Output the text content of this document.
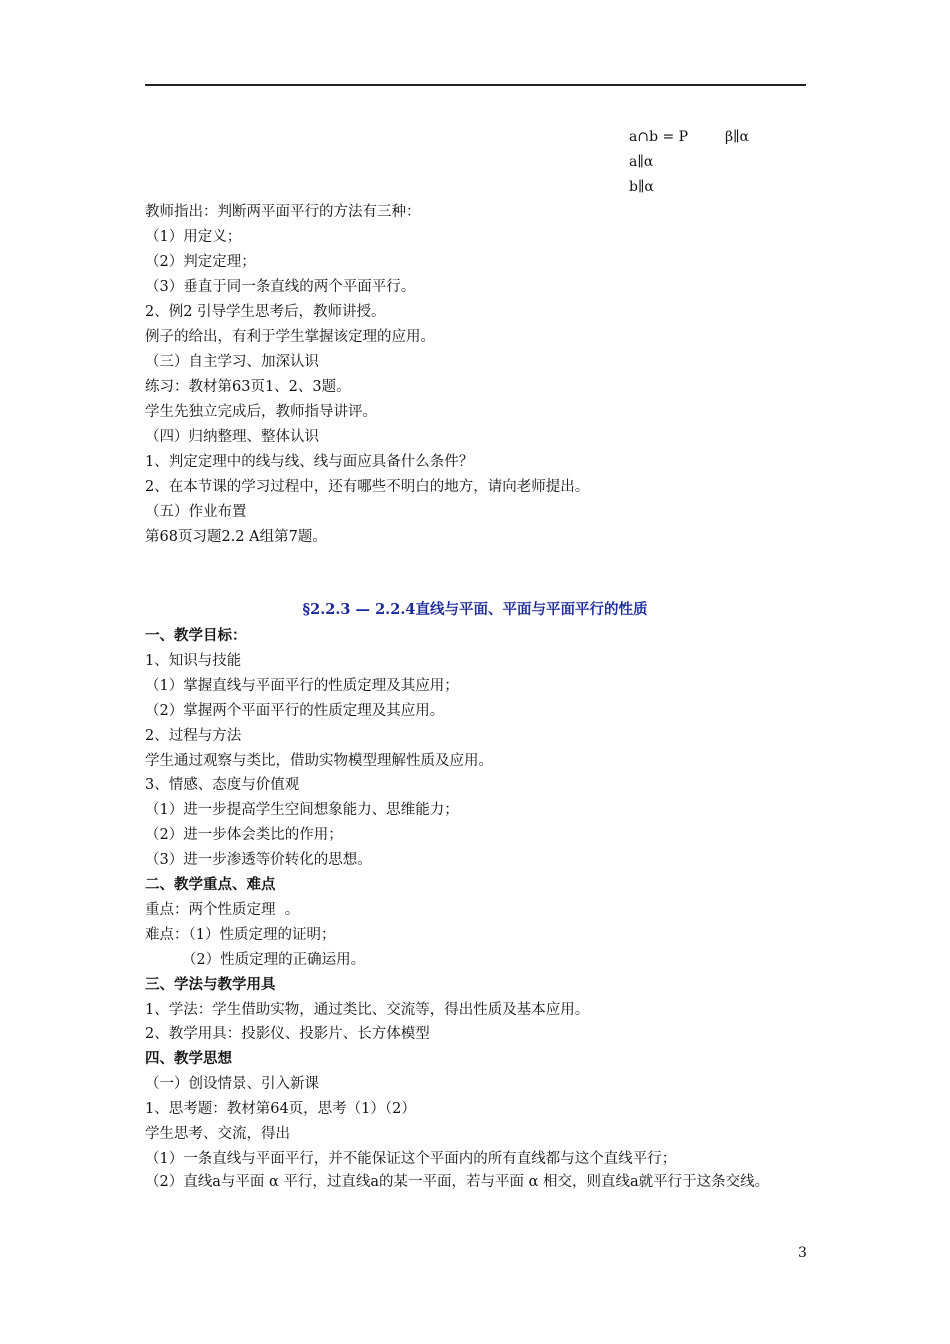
a∩b = P	β∥α
a∥α
b∥α
教师指出：判断两平面平行的方法有三种：
（1）用定义；
（2）判定定理；
（3）垂直于同一条直线的两个平面平行。
2、例2 引导学生思考后，教师讲授。
例子的给出，有利于学生掌握该定理的应用。
（三）自主学习、加深认识
练习：教材第63页1、2、3题。
学生先独立完成后，教师指导讲评。
（四）归纳整理、整体认识
1、判定定理中的线与线、线与面应具备什么条件？
2、在本节课的学习过程中，还有哪些不明白的地方，请向老师提出。
（五）作业布置
第68页习题2.2 A组第7题。
§2.2.3 — 2.2.4直线与平面、平面与平面平行的性质
一、教学目标：
1、知识与技能
（1）掌握直线与平面平行的性质定理及其应用；
（2）掌握两个平面平行的性质定理及其应用。
2、过程与方法
学生通过观察与类比，借助实物模型理解性质及应用。
3、情感、态度与价值观
（1）进一步提高学生空间想象能力、思维能力；
（2）进一步体会类比的作用；
（3）进一步渗透等价转化的思想。
二、教学重点、难点
重点：两个性质定理  。
难点：（1）性质定理的证明；
（2）性质定理的正确运用。
三、学法与教学用具
1、学法：学生借助实物，通过类比、交流等，得出性质及基本应用。
2、教学用具：投影仪、投影片、长方体模型
四、教学思想
（一）创设情景、引入新课
1、思考题：教材第64页，思考（1）（2）
学生思考、交流，得出
（1）一条直线与平面平行，并不能保证这个平面内的所有直线都与这个直线平行；
（2）直线a与平面 α 平行，过直线a的某一平面，若与平面 α 相交，则直线a就平行于这条交线。
3
